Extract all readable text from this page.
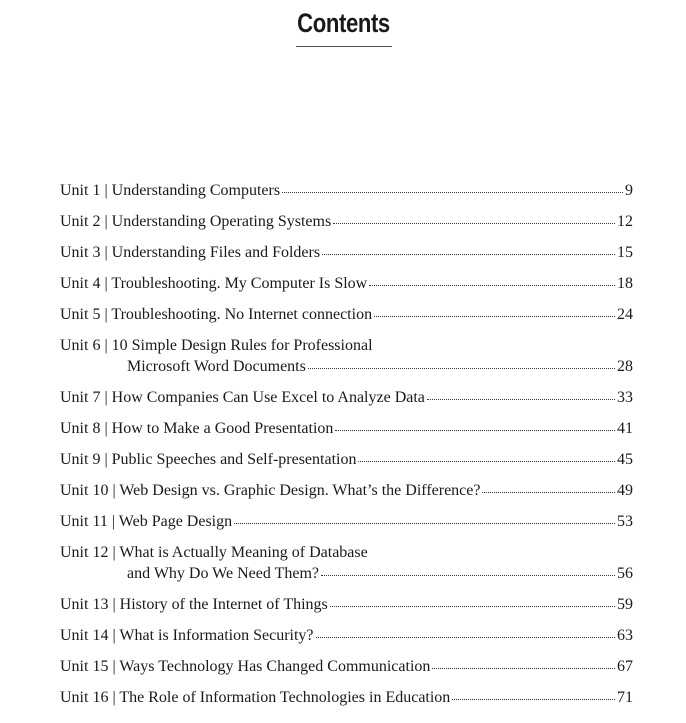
Contents
Unit 1 | Understanding Computers	9
Unit 2 | Understanding Operating Systems	12
Unit 3 | Understanding Files and Folders	15
Unit 4 | Troubleshooting. My Computer Is Slow	18
Unit 5 | Troubleshooting. No Internet connection	24
Unit 6 | 10 Simple Design Rules for Professional
Microsoft Word Documents	28
Unit 7 | How Companies Can Use Excel to Analyze Data	33
Unit 8 | How to Make a Good Presentation	41
Unit 9 | Public Speeches and Self-presentation	45
Unit 10 | Web Design vs. Graphic Design. What’s the Difference?	49
Unit 11 | Web Page Design	53
Unit 12 | What is Actually Meaning of Database
and Why Do We Need Them?	56
Unit 13 | History of the Internet of Things	59
Unit 14 | What is Information Security?	63
Unit 15 | Ways Technology Has Changed Communication	67
Unit 16 | The Role of Information Technologies in Education	71
